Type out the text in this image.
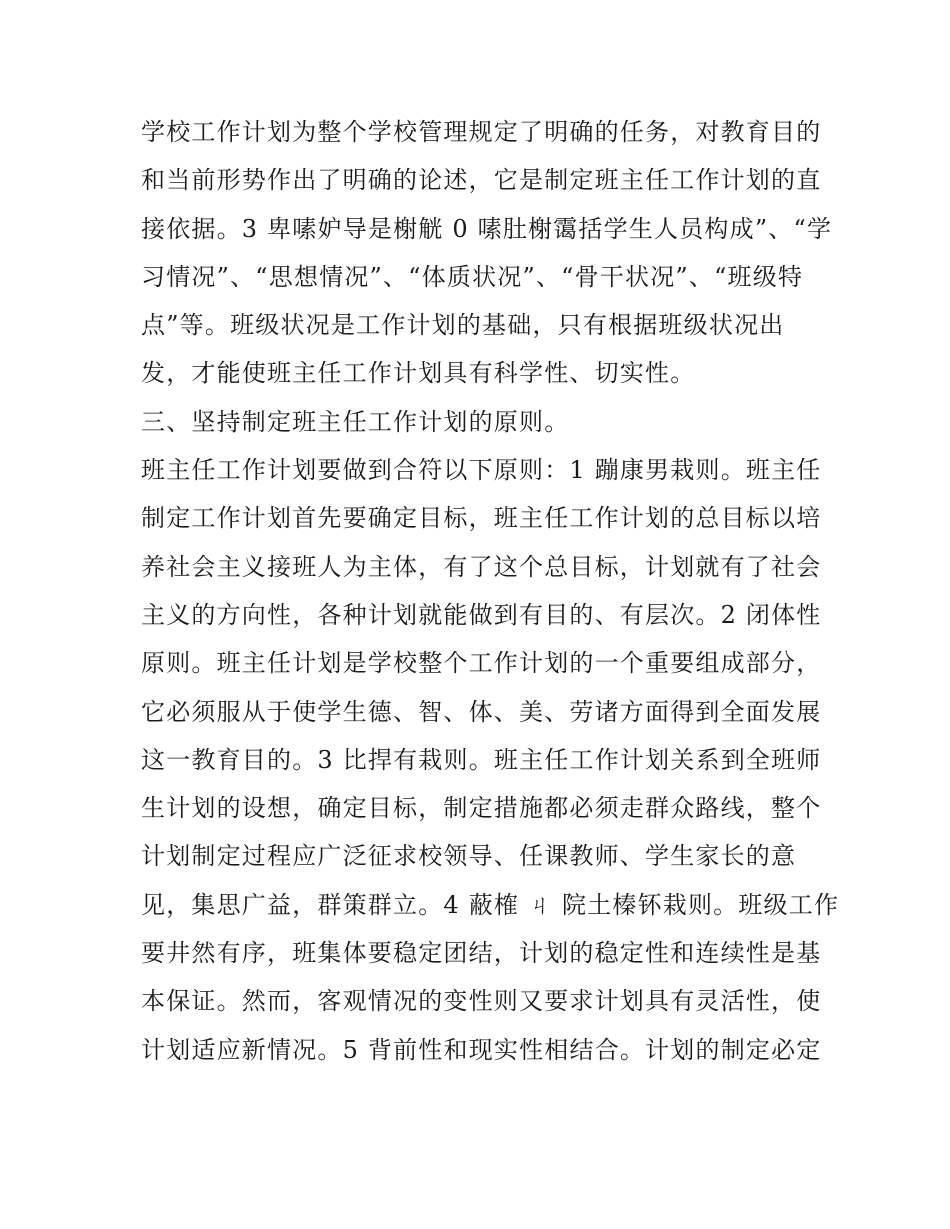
学校工作计划为整个学校管理规定了明确的任务，对教育目的
和当前形势作出了明确的论述，它是制定班主任工作计划的直
接依据。3 卑嗉妒导是榭觥 0 嗉肚榭霭括学生人员构成”、“学
习情况”、“思想情况”、“体质状况”、“骨干状况”、“班级特
点”等。班级状况是工作计划的基础，只有根据班级状况出
发，才能使班主任工作计划具有科学性、切实性。
三、坚持制定班主任工作计划的原则。
班主任工作计划要做到合符以下原则：1 蹦康男栽则。班主任
制定工作计划首先要确定目标，班主任工作计划的总目标以培
养社会主义接班人为主体，有了这个总目标，计划就有了社会
主义的方向性，各种计划就能做到有目的、有层次。2 闭体性
原则。班主任计划是学校整个工作计划的一个重要组成部分，
它必须服从于使学生德、智、体、美、劳诸方面得到全面发展
这一教育目的。3 比捍有栽则。班主任工作计划关系到全班师
生计划的设想，确定目标，制定措施都必须走群众路线，整个
计划制定过程应广泛征求校领导、任课教师、学生家长的意
见，集思广益，群策群立。4 蔽榷 ㄐ 院土榛钚栽则。班级工作
要井然有序，班集体要稳定团结，计划的稳定性和连续性是基
本保证。然而，客观情况的变性则又要求计划具有灵活性，使
计划适应新情况。5 背前性和现实性相结合。计划的制定必定
